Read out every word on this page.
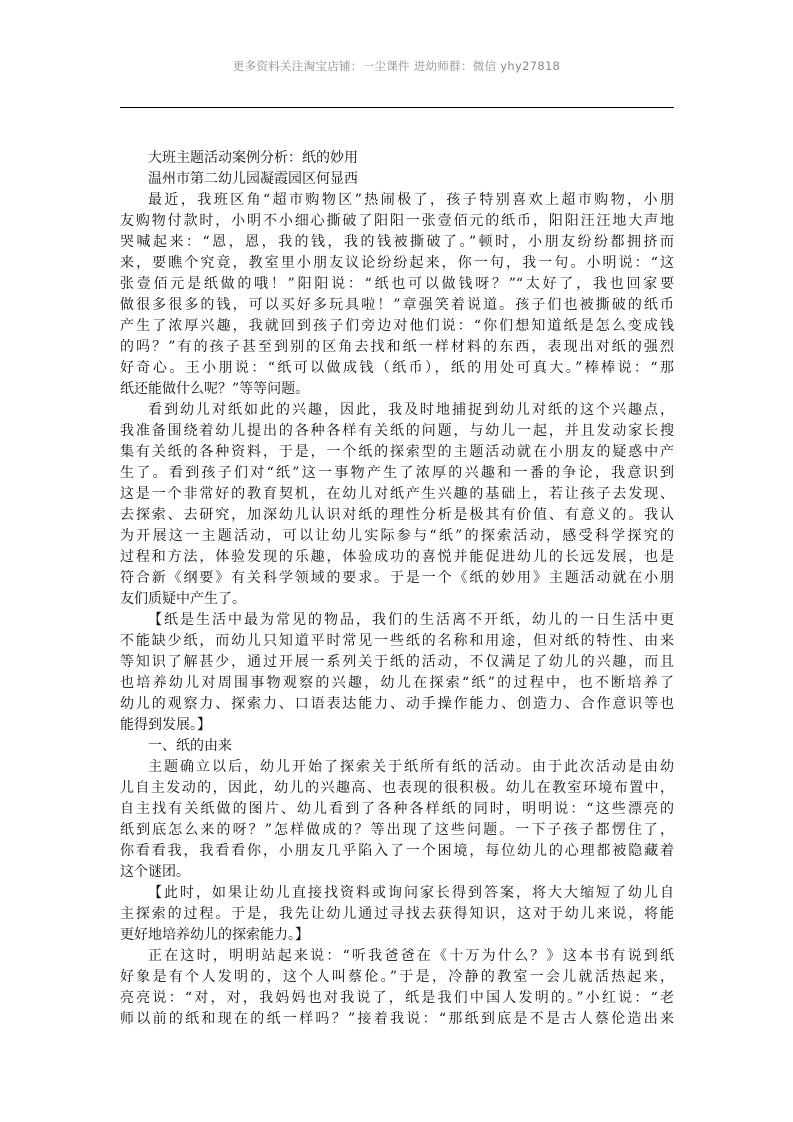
更多资料关注淘宝店铺：一尘课件 进幼师群：微信 yhy27818
大班主题活动案例分析：纸的妙用
温州市第二幼儿园凝霞园区何显西
最近，我班区角“超市购物区”热闹极了，孩子特别喜欢上超市购物，小朋
友购物付款时，小明不小细心撕破了阳阳一张壹佰元的纸币，阳阳汪汪地大声地
哭喊起来：“恩，恩，我的钱，我的钱被撕破了。”顿时，小朋友纷纷都拥挤而
来，要瞧个究竟，教室里小朋友议论纷纷起来，你一句，我一句。小明说：“这
张壹佰元是纸做的哦！”阳阳说：“纸也可以做钱呀？”“太好了，我也回家要
做很多很多的钱，可以买好多玩具啦！”章强笑着说道。孩子们也被撕破的纸币
产生了浓厚兴趣，我就回到孩子们旁边对他们说：“你们想知道纸是怎么变成钱
的吗？”有的孩子甚至到别的区角去找和纸一样材料的东西，表现出对纸的强烈
好奇心。王小朋说：“纸可以做成钱（纸币），纸的用处可真大。”棒棒说：“那
纸还能做什么呢？”等等问题。
看到幼儿对纸如此的兴趣，因此，我及时地捕捉到幼儿对纸的这个兴趣点，
我准备围绕着幼儿提出的各种各样有关纸的问题，与幼儿一起，并且发动家长搜
集有关纸的各种资料，于是，一个纸的探索型的主题活动就在小朋友的疑惑中产
生了。看到孩子们对“纸”这一事物产生了浓厚的兴趣和一番的争论，我意识到
这是一个非常好的教育契机，在幼儿对纸产生兴趣的基础上，若让孩子去发现、
去探索、去研究，加深幼儿认识对纸的理性分析是极其有价值、有意义的。我认
为开展这一主题活动，可以让幼儿实际参与“纸”的探索活动，感受科学探究的
过程和方法，体验发现的乐趣，体验成功的喜悦并能促进幼儿的长远发展，也是
符合新《纲要》有关科学领域的要求。于是一个《纸的妙用》主题活动就在小朋
友们质疑中产生了。
【纸是生活中最为常见的物品，我们的生活离不开纸，幼儿的一日生活中更
不能缺少纸，而幼儿只知道平时常见一些纸的名称和用途，但对纸的特性、由来
等知识了解甚少，通过开展一系列关于纸的活动，不仅满足了幼儿的兴趣，而且
也培养幼儿对周围事物观察的兴趣，幼儿在探索“纸”的过程中，也不断培养了
幼儿的观察力、探索力、口语表达能力、动手操作能力、创造力、合作意识等也
能得到发展。】
一、纸的由来
主题确立以后，幼儿开始了探索关于纸所有纸的活动。由于此次活动是由幼
儿自主发动的，因此，幼儿的兴趣高、也表现的很积极。幼儿在教室环境布置中，
自主找有关纸做的图片、幼儿看到了各种各样纸的同时，明明说：“这些漂亮的
纸到底怎么来的呀？”怎样做成的？等出现了这些问题。一下子孩子都愣住了，
你看看我，我看看你，小朋友几乎陷入了一个困境，每位幼儿的心理都被隐藏着
这个谜团。
【此时，如果让幼儿直接找资料或询问家长得到答案，将大大缩短了幼儿自
主探索的过程。于是，我先让幼儿通过寻找去获得知识，这对于幼儿来说，将能
更好地培养幼儿的探索能力。】
正在这时，明明站起来说：“听我爸爸在《十万为什么？》这本书有说到纸
好象是有个人发明的，这个人叫蔡伦。”于是，冷静的教室一会儿就活热起来，
亮亮说：“对，对，我妈妈也对我说了，纸是我们中国人发明的。”小红说：“老
师以前的纸和现在的纸一样吗？”接着我说：“那纸到底是不是古人蔡伦造出来
